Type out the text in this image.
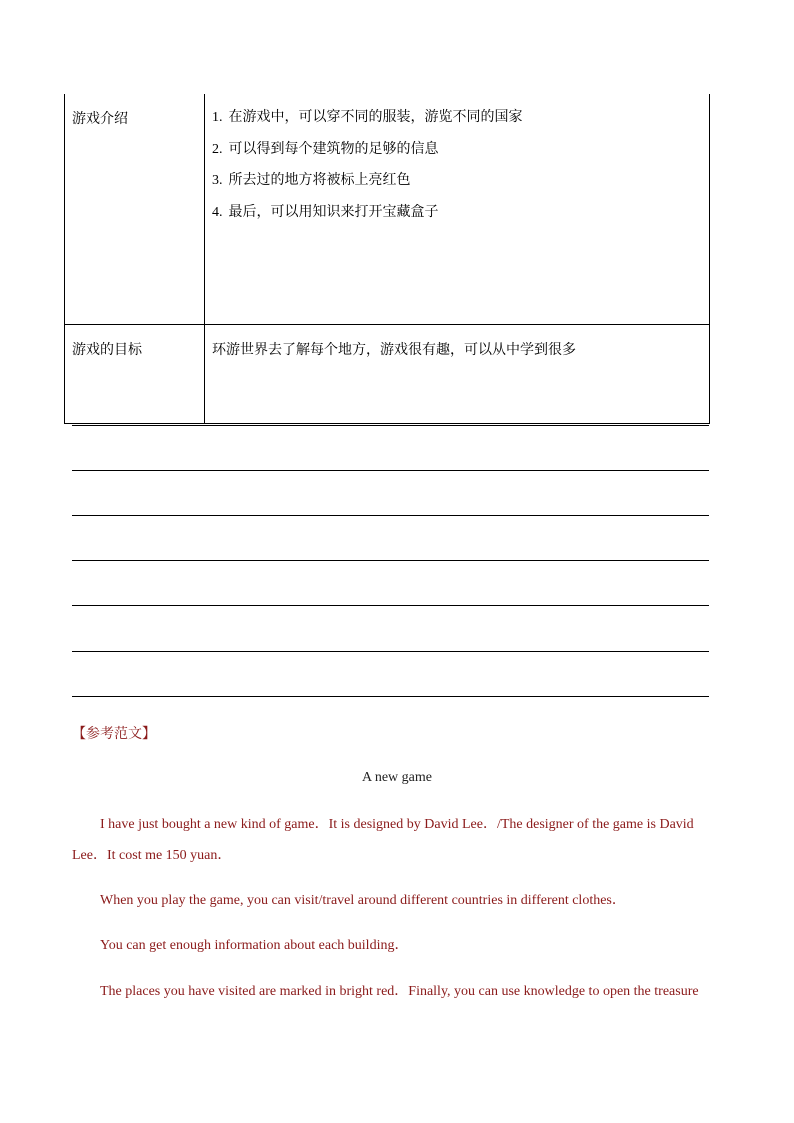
游戏介绍	1. 在游戏中，可以穿不同的服装，游览不同的国家
2. 可以得到每个建筑物的足够的信息
3. 所去过的地方将被标上亮红色
4. 最后，可以用知识来打开宝藏盒子

游戏的目标	环游世界去了解每个地方，游戏很有趣，可以从中学到很多
【参考范文】
A new game
I have just bought a new kind of game．It is designed by David Lee．/The designer of the game is David Lee．It cost me 150 yuan．
When you play the game, you can visit/travel around different countries in different clothes．
You can get enough information about each building．
The places you have visited are marked in bright red．Finally, you can use knowledge to open the treasure
